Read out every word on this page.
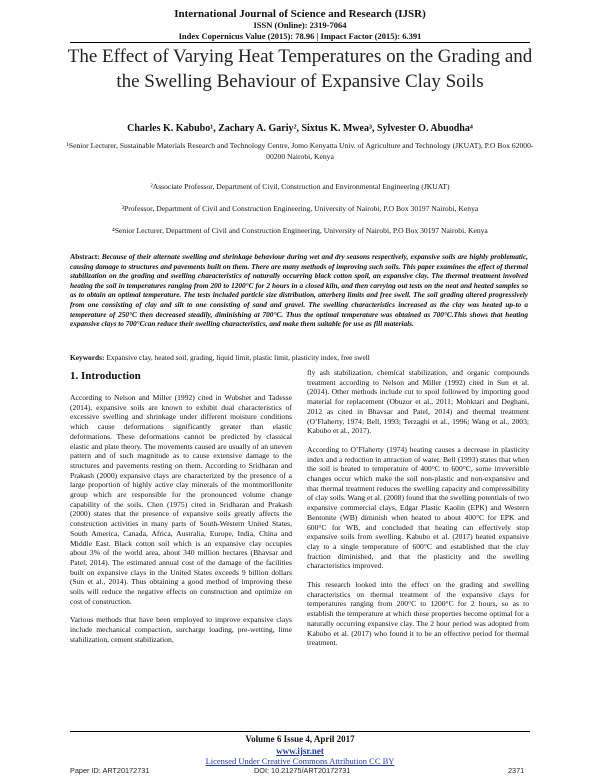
International Journal of Science and Research (IJSR)
ISSN (Online): 2319-7064
Index Copernicus Value (2015): 78.96 | Impact Factor (2015): 6.391
The Effect of Varying Heat Temperatures on the Grading and the Swelling Behaviour of Expansive Clay Soils
Charles K. Kabubo¹, Zachary A. Gariy², Sixtus K. Mwea³, Sylvester O. Abuodha⁴
¹Senior Lecturer, Sustainable Materials Research and Technology Centre, Jomo Kenyatta Univ. of Agriculture and Technology (JKUAT), P.O Box 62000-00200 Nairobi, Kenya
²Associate Professor, Department of Civil, Construction and Environmental Engineering (JKUAT)
³Professor, Department of Civil and Construction Engineering, University of Nairobi, P.O Box 30197 Nairobi, Kenya
⁴Senior Lecturer, Department of Civil and Construction Engineering, University of Nairobi, P.O Box 30197 Nairobi, Kenya
Abstract: Because of their alternate swelling and shrinkage behaviour during wet and dry seasons respectively, expansive soils are highly problematic, causing damage to structures and pavements built on them. There are many methods of improving such soils. This paper examines the effect of thermal stabilization on the grading and swelling characteristics of naturally occurring black cotton spoil, an expansive clay. The thermal treatment involved heating the soil in temperatures ranging from 200 to 1200°C for 2 hours in a closed kiln, and then carrying out tests on the neat and heated samples so as to obtain an optimal temperature. The tests included particle size distribution, atterberg limits and free swell. The soil grading altered progressively from one consisting of clay and silt to one consisting of sand and gravel. The swelling characteristics increased as the clay was heated up-to a temperature of 250°C then decreased steadily, diminishing at 700°C. Thus the optimal temperature was obtained as 700°C.This shows that heating expansive clays to 700°Ccan reduce their swelling characteristics, and make them suitable for use as fill materials.
Keywords: Expansive clay, heated soil, grading, liquid limit, plastic limit, plasticity index, free swell
1. Introduction

According to Nelson and Miller (1992) cited in Wubshet and Tadesse (2014), expansive soils are known to exhibit dual characteristics of excessive swelling and shrinkage under different moisture conditions which cause deformations significantly greater than elastic deformations. These deformations cannot be predicted by classical elastic and plate theory. The movements caused are usually of an uneven pattern and of such magnitude as to cause extensive damage to the structures and pavements resting on them. According to Sridharan and Prakash (2000) expansive clays are characterized by the presence of a large proportion of highly active clay minerals of the montmorillonite group which are responsible for the pronounced volume change capability of the soils. Chen (1975) cited in Sridharan and Prakash (2000) states that the presence of expansive soils greatly affects the construction activities in many parts of South-Western United States, South America, Canada, Africa, Australia, Europe, India, China and Middle East. Black cotton soil which is an expansive clay occupies about 3% of the world area, about 340 million hectares (Bhavsar and Patel, 2014). The estimated annual cost of the damage of the facilities built on expansive clays in the United States exceeds 9 billion dollars (Sun et al., 2014). Thus obtaining a good method of improving these soils will reduce the negative effects on construction and optimize on cost of construction.

Various methods that have been employed to improve expansive clays include mechanical compaction, surcharge loading, pre-wetting, lime stabilization, cement stabilization,

fly ash stabilization, chemical stabilization, and organic compounds treatment according to Nelson and Miller (1992) cited in Sun et al. (2014). Other methods include cut to spoil followed by importing good material for replacement (Obuzor et al., 2011; Mohktari and Deghani, 2012 as cited in Bhavsar and Patel, 2014) and thermal treatment (O’Flaherty, 1974; Bell, 1993; Terzaghi et al., 1996; Wang et al., 2003; Kabubo et al., 2017).

According to O’Flaherty (1974) heating causes a decrease in plasticity index and a reduction in attraction of water. Bell (1993) states that when the soil is heated to temperature of 400°C to 600°C, some irreversible changes occur which make the soil non-plastic and non-expansive and that thermal treatment reduces the swelling capacity and compressibility of clay soils. Wang et al. (2008) found that the swelling potentials of two expansive commercial clays, Edgar Plastic Kaolin (EPK) and Western Bentonite (WB) diminish when heated to about 400°C for EPK and 600°C for WB, and concluded that heating can effectively stop expansive soils from swelling. Kabubo et al. (2017) heated expansive clay to a single temperature of 600°C and established that the clay fraction diminished, and that the plasticity and the swelling characteristics improved.

This research looked into the effect on the grading and swelling characteristics on thermal treatment of the expansive clays for temperatures ranging from 200°C to 1200°C for 2 hours, so as to establish the temperature at which these properties become optimal for a naturally occurring expansive clay. The 2 hour period was adopted from Kabubo et al. (2017) who found it to be an effective period for thermal treatment.

Volume 6 Issue 4, April 2017
www.ijsr.net
Licensed Under Creative Commons Attribution CC BY
Paper ID: ART20172731	DOI: 10.21275/ART20172731	2371
